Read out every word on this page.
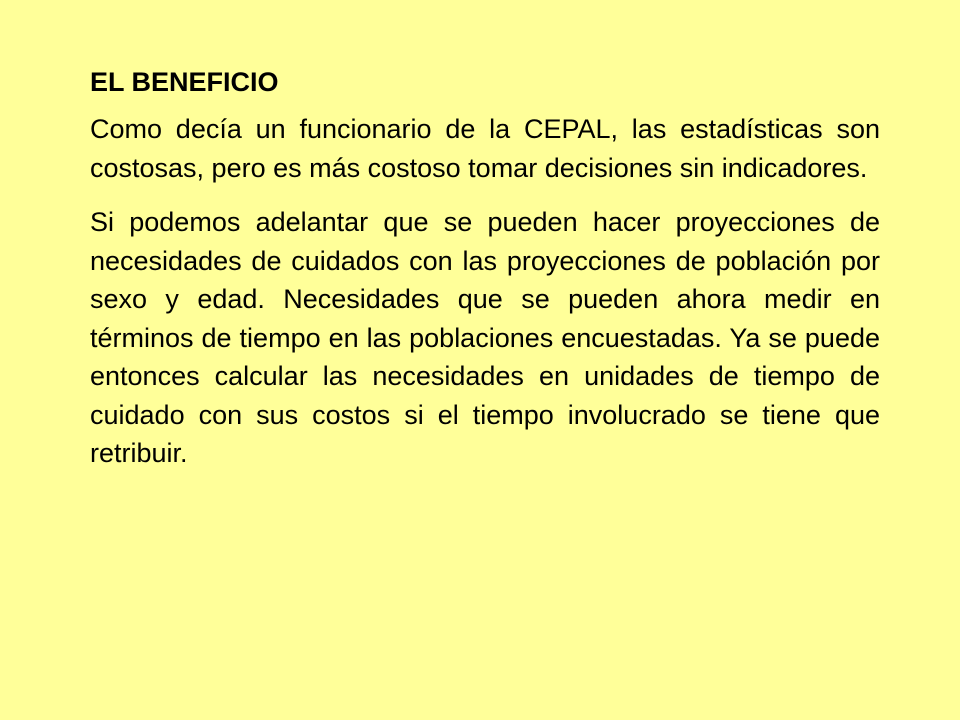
EL BENEFICIO

Como decía un funcionario de la CEPAL, las estadísticas son costosas, pero es más costoso tomar decisiones sin indicadores.

Si podemos adelantar que se pueden hacer proyecciones de necesidades de cuidados con las proyecciones de población por sexo y edad. Necesidades que se pueden ahora medir en términos de tiempo en las poblaciones encuestadas. Ya se puede entonces calcular las necesidades en unidades de tiempo de cuidado con sus costos si el tiempo involucrado se tiene que retribuir.
